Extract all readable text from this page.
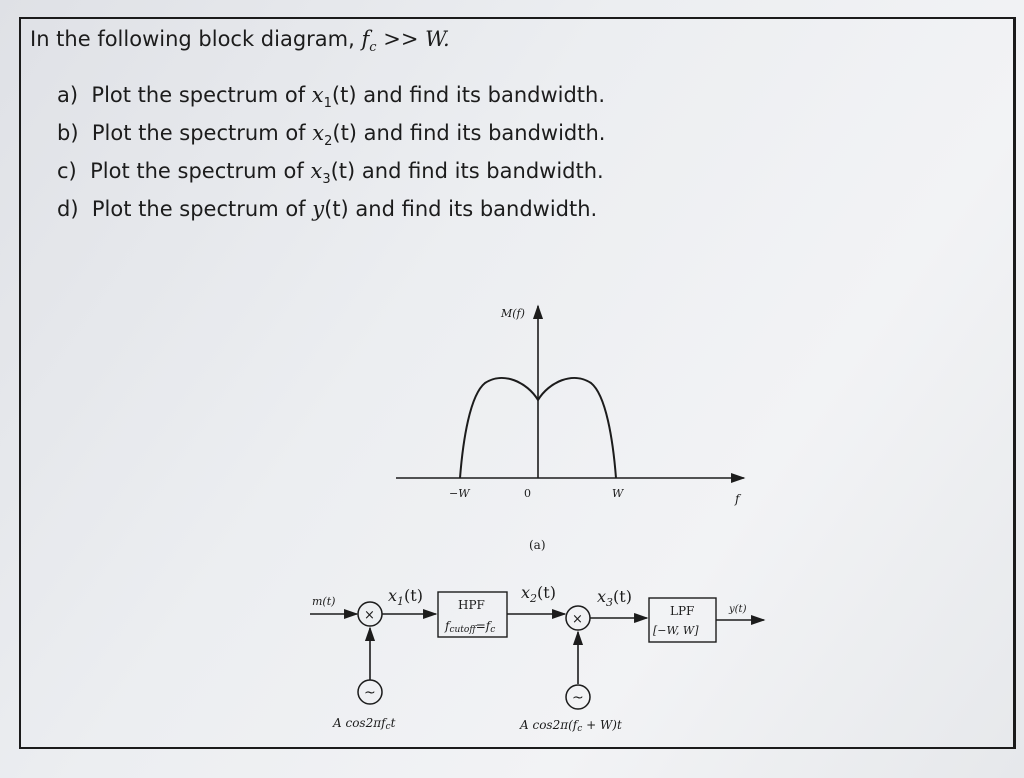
In the following block diagram, $f_c >> W$.
a) Plot the spectrum of $x_1(t)$ and find its bandwidth.
b) Plot the spectrum of $x_2(t)$ and find its bandwidth.
c) Plot the spectrum of $x_3(t)$ and find its bandwidth.
d) Plot the spectrum of y(t) and find its bandwidth.
M(f)
−W	0	W	f
(a)
m(t)
×
$x_1(t)$	HPF
fcutoff=fc
$x_2(t)$
×
$x_3(t)$
LPF
[−W, W]
y(t)
~
A cos2πfct
~
A cos2π(fc + W)t
